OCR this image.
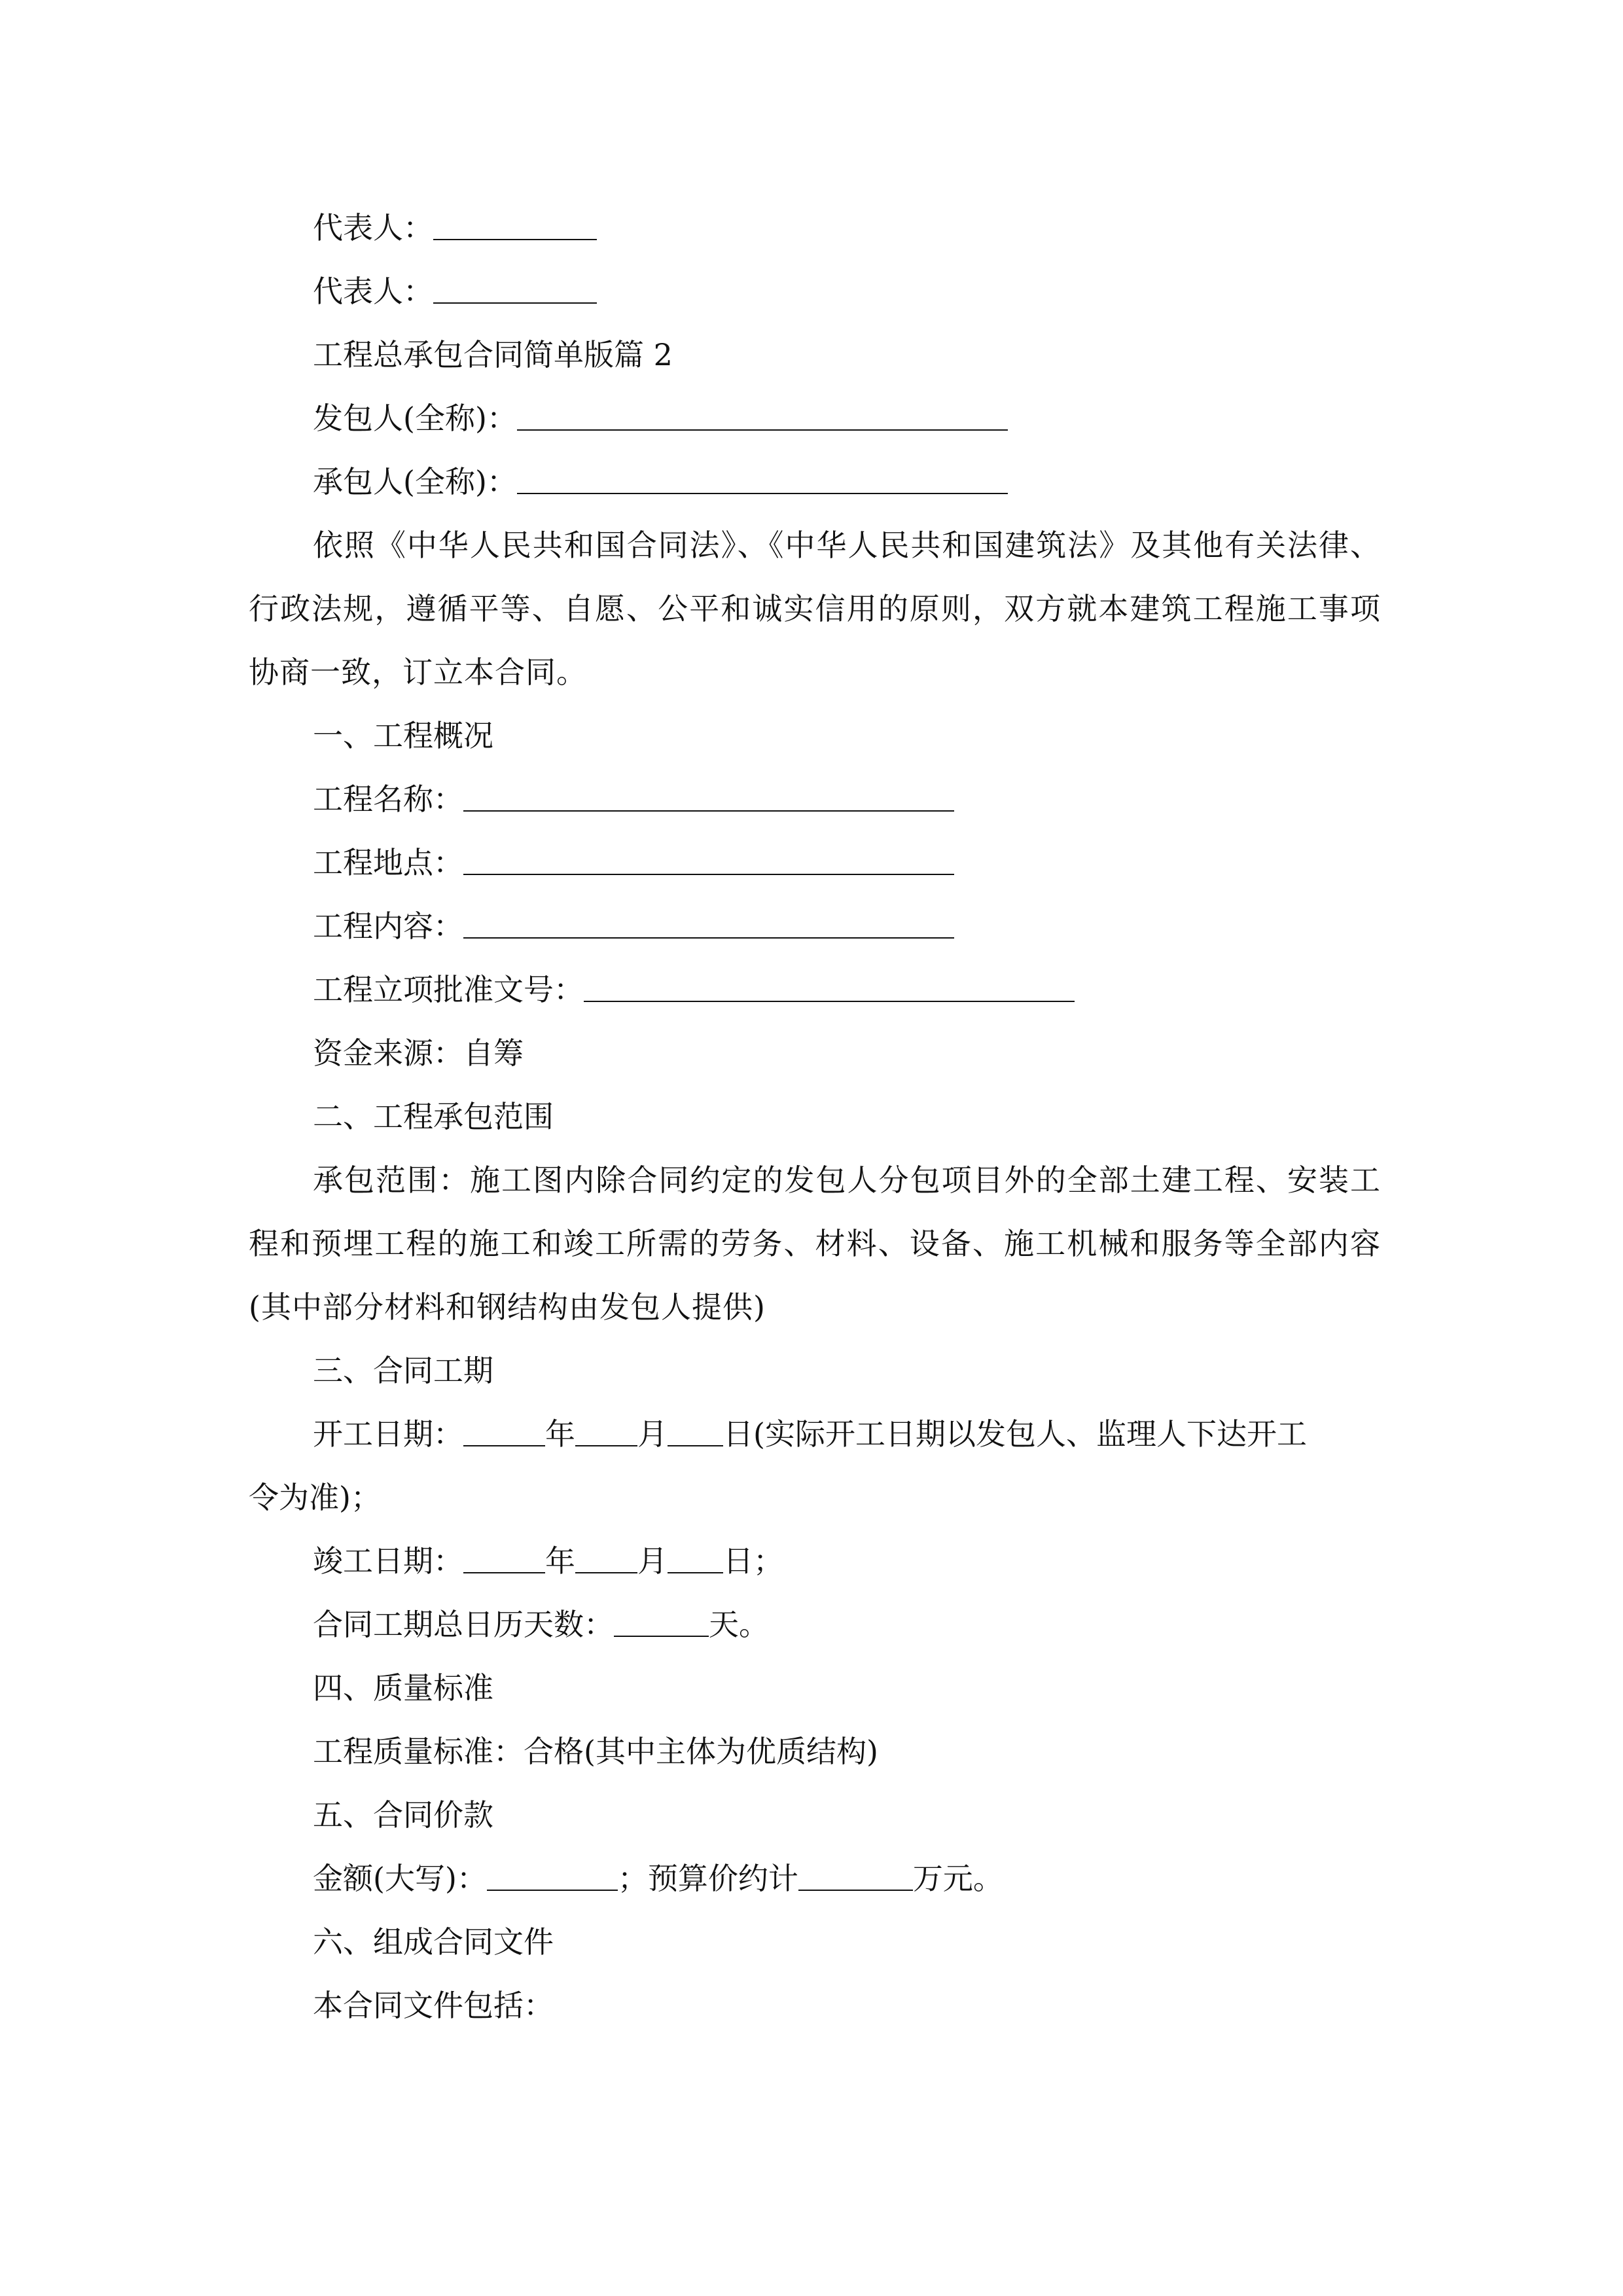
代表人：
代表人：
工程总承包合同简单版篇 2
发包人(全称)：
承包人(全称)：
依照《中华人民共和国合同法》、《中华人民共和国建筑法》及其他有关法律、行政法规，遵循平等、自愿、公平和诚实信用的原则，双方就本建筑工程施工事项协商一致，订立本合同。
一、工程概况
工程名称：
工程地点：
工程内容：
工程立项批准文号：
资金来源：自筹
二、工程承包范围
承包范围：施工图内除合同约定的发包人分包项目外的全部土建工程、安装工程和预埋工程的施工和竣工所需的劳务、材料、设备、施工机械和服务等全部内容(其中部分材料和钢结构由发包人提供)
三、合同工期
开工日期：	年 月 日 (实际开工日期以发包人、监理人下达开工
令为准)；
竣工日期：	年 月 日 ；
合同工期总日历天数：	天。
四、质量标准
工程质量标准：合格(其中主体为优质结构)
五、合同价款
金额(大写)：	；预算价约计	万元。
六、组成合同文件
本合同文件包括：
